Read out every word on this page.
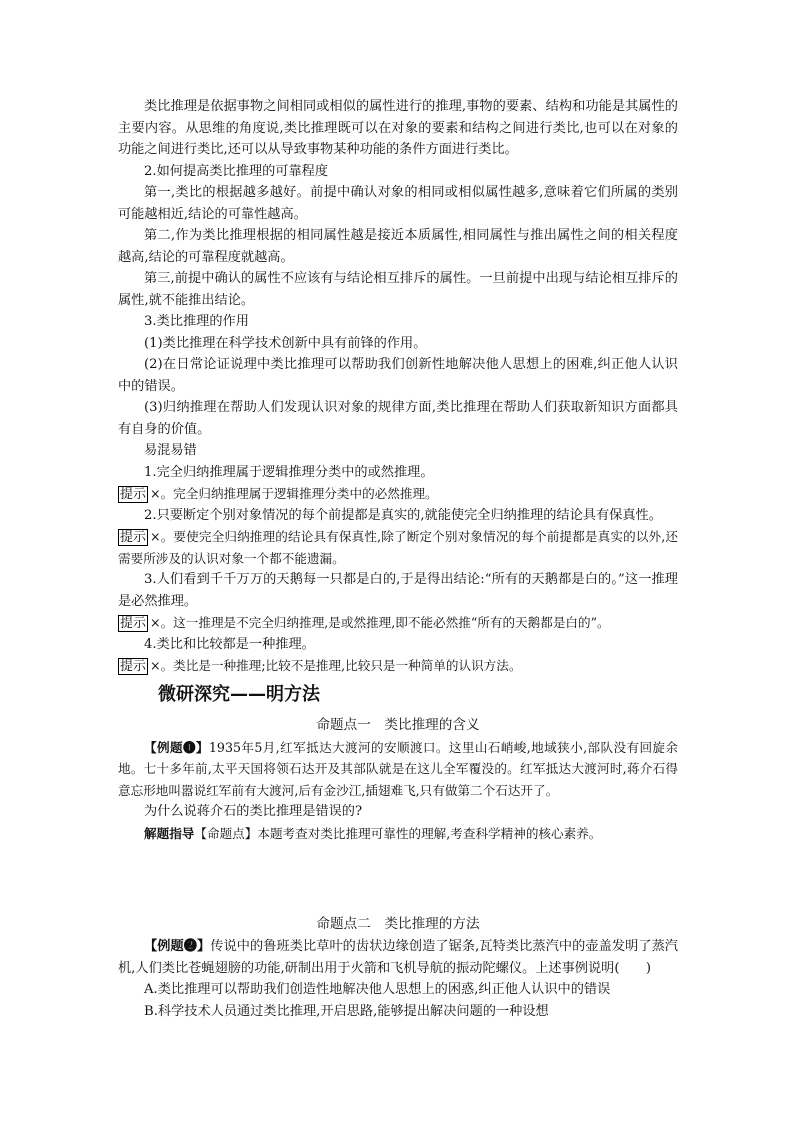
类比推理是依据事物之间相同或相似的属性进行的推理,事物的要素、结构和功能是其属性的主要内容。从思维的角度说,类比推理既可以在对象的要素和结构之间进行类比,也可以在对象的功能之间进行类比,还可以从导致事物某种功能的条件方面进行类比。

2.如何提高类比推理的可靠程度

第一,类比的根据越多越好。前提中确认对象的相同或相似属性越多,意味着它们所属的类别可能越相近,结论的可靠性越高。

第二,作为类比推理根据的相同属性越是接近本质属性,相同属性与推出属性之间的相关程度越高,结论的可靠程度就越高。

第三,前提中确认的属性不应该有与结论相互排斥的属性。一旦前提中出现与结论相互排斥的属性,就不能推出结论。

3.类比推理的作用

(1)类比推理在科学技术创新中具有前锋的作用。

(2)在日常论证说理中类比推理可以帮助我们创新性地解决他人思想上的困难,纠正他人认识中的错误。

(3)归纳推理在帮助人们发现认识对象的规律方面,类比推理在帮助人们获取新知识方面都具有自身的价值。

易混易错

1.完全归纳推理属于逻辑推理分类中的或然推理。

提示 ×。完全归纳推理属于逻辑推理分类中的必然推理。

2.只要断定个别对象情况的每个前提都是真实的,就能使完全归纳推理的结论具有保真性。

提示 ×。要使完全归纳推理的结论具有保真性,除了断定个别对象情况的每个前提都是真实的以外,还需要所涉及的认识对象一个都不能遗漏。

3.人们看到千千万万的天鹅每一只都是白的,于是得出结论:“所有的天鹅都是白的。”这一推理是必然推理。

提示 ×。这一推理是不完全归纳推理,是或然推理,即不能必然推“所有的天鹅都是白的”。

4.类比和比较都是一种推理。

提示 ×。类比是一种推理;比较不是推理,比较只是一种简单的认识方法。

微研深究——明方法
命题点一　类比推理的含义

【例题❶】1935年5月,红军抵达大渡河的安顺渡口。这里山石峭峻,地域狭小,部队没有回旋余地。七十多年前,太平天国将领石达开及其部队就是在这儿全军覆没的。红军抵达大渡河时,蒋介石得意忘形地叫嚣说红军前有大渡河,后有金沙江,插翅难飞,只有做第二个石达开了。

为什么说蒋介石的类比推理是错误的?

解题指导【命题点】本题考查对类比推理可靠性的理解,考查科学精神的核心素养。

命题点二　类比推理的方法

【例题❷】传说中的鲁班类比草叶的齿状边缘创造了锯条,瓦特类比蒸汽中的壶盖发明了蒸汽机,人们类比苍蝇翅膀的功能,研制出用于火箭和飞机导航的振动陀螺仪。上述事例说明(　　)

A.类比推理可以帮助我们创造性地解决他人思想上的困惑,纠正他人认识中的错误

B.科学技术人员通过类比推理,开启思路,能够提出解决问题的一种设想
